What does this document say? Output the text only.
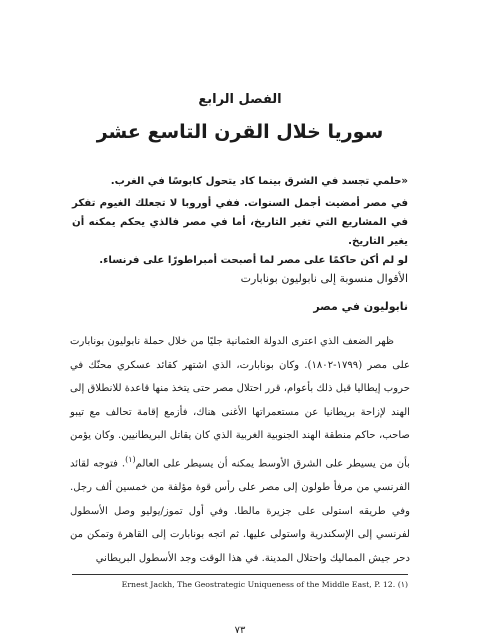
الفصل الرابع
سوريا خلال القرن التاسع عشر

«حلمي تجسد في الشرق بينما كاد يتحول كابوسًا في الغرب.

في مصر أمضيت أجمل السنوات. ففي أوروبا لا تجعلك الغيوم تفكر في المشاريع التي تغير التاريخ، أما في مصر فالذي يحكم يمكنه أن يغير التاريخ.

لو لم أكن حاكمًا على مصر لما أصبحت أمبراطورًا على فرنساء.

الأقوال منسوبة إلى نابوليون بونابارت
نابوليون في مصر

ظهر الضعف الذي اعترى الدولة العثمانية جليًا من خلال حملة نابوليون بونابارت على مصر (١٧٩٩-١٨٠٢). وكان بونابارت، الذي اشتهر كقائد عسكري محنّك في حروب إيطاليا قبل ذلك بأعوام، قرر احتلال مصر حتى يتخذ منها قاعدة للانطلاق إلى الهند لإزاحة بريطانيا عن مستعمراتها الأغنى هناك، فأزمع إقامة تحالف مع تيبو صاحب، حاكم منطقة الهند الجنوبية الغربية الذي كان يقاتل البريطانيين. وكان يؤمن بأن من يسيطر على الشرق الأوسط يمكنه أن يسيطر على العالم$^{(١)}$. فتوجه لقائد الفرنسي من مرفأ طولون إلى مصر على رأس قوة مؤلفة من خمسين ألف رجل. وفي طريقه استولى على جزيرة مالطا. وفي أول تموز/يوليو وصل الأسطول لفرنسي إلى الإسكندرية واستولى عليها. ثم اتجه بونابارت إلى القاهرة وتمكن من دحر جيش المماليك واحتلال المدينة. في هذا الوقت وجد الأسطول البريطاني

Ernest Jackh, The Geostrategic Uniqueness of the Middle East, P. 12. (١)
٧٣
